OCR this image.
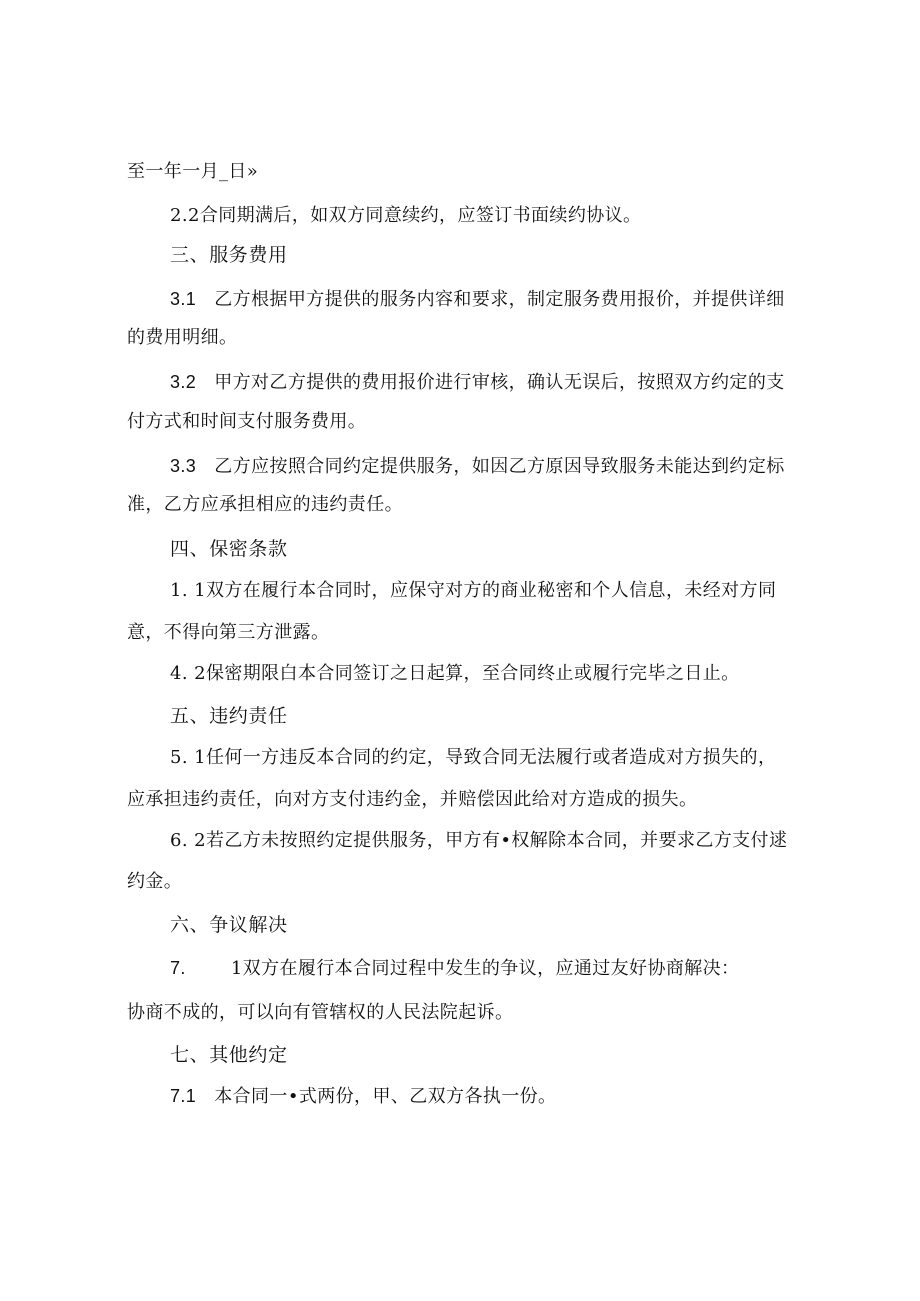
至一年一月_日»
2.2合同期满后，如双方同意续约，应签订书面续约协议。
三、服务费用
3.1 乙方根据甲方提供的服务内容和要求，制定服务费用报价，并提供详细
的费用明细。
3.2 甲方对乙方提供的费用报价进行审核，确认无误后，按照双方约定的支
付方式和时间支付服务费用。
3.3 乙方应按照合同约定提供服务，如因乙方原因导致服务未能达到约定标
准，乙方应承担相应的违约责任。
四、保密条款
1. 1双方在履行本合同时，应保守对方的商业秘密和个人信息，未经对方同
意，不得向第三方泄露。
4. 2保密期限白本合同签订之日起算，至合同终止或履行完毕之日止。
五、违约责任
5. 1任何一方违反本合同的约定，导致合同无法履行或者造成对方损失的，
应承担违约责任，向对方支付违约金，并赔偿因此给对方造成的损失。
6. 2若乙方未按照约定提供服务，甲方有•权解除本合同，并要求乙方支付逑
约金。
六、争议解决
7.	1双方在履行本合同过程中发生的争议，应通过友好协商解决：
协商不成的，可以向有管辖权的人民法院起诉。
七、其他约定
7.1 本合同一•式两份，甲、乙双方各执一份。
